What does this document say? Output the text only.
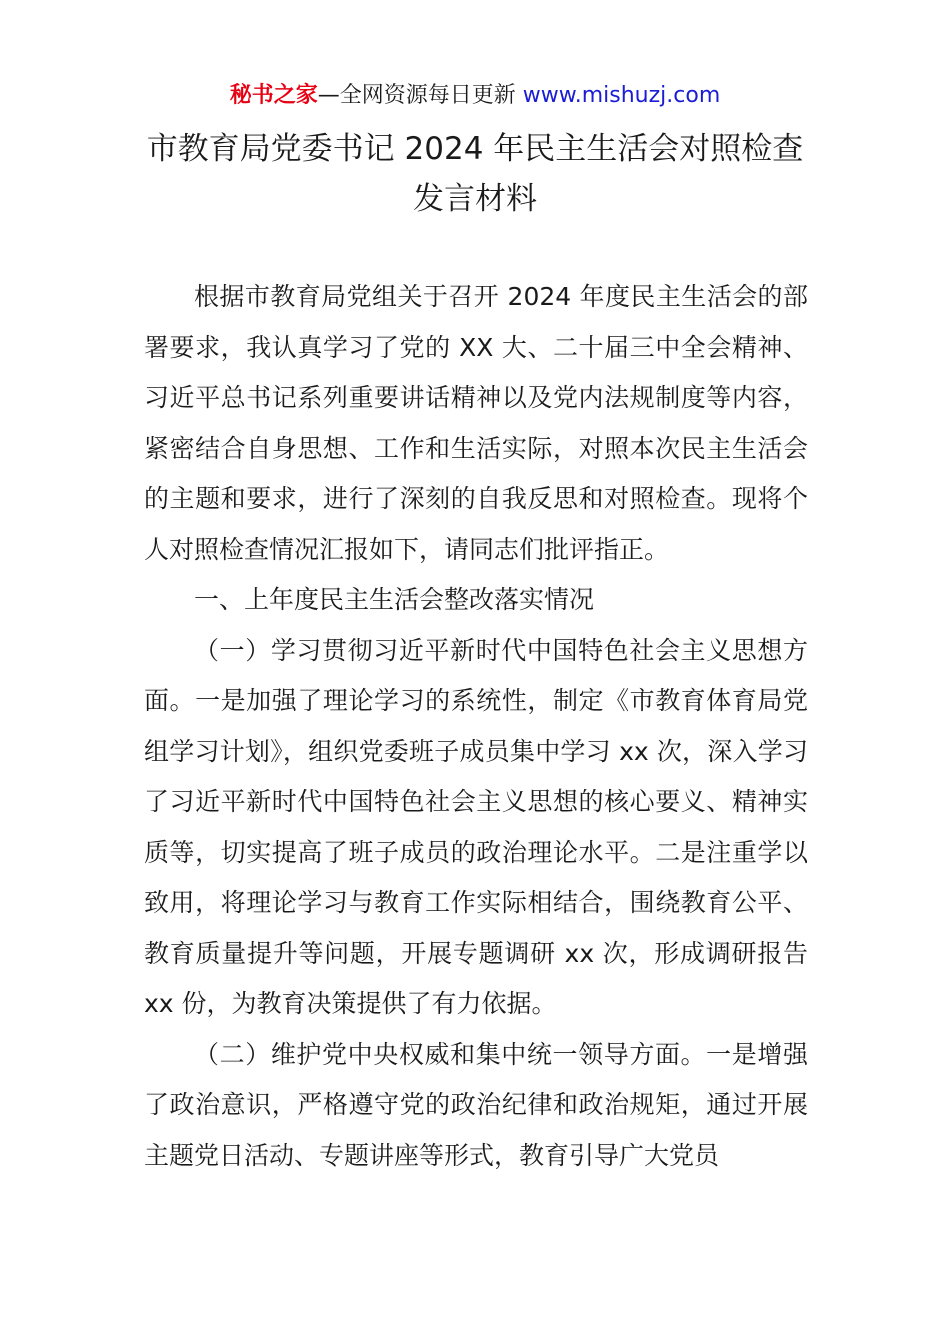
秘书之家—全网资源每日更新 www.mishuzj.com
市教育局党委书记 2024 年民主生活会对照检查
发言材料

根据市教育局党组关于召开 2024 年度民主生活会的部署要求，我认真学习了党的 XX 大、二十届三中全会精神、习近平总书记系列重要讲话精神以及党内法规制度等内容，紧密结合自身思想、工作和生活实际，对照本次民主生活会的主题和要求，进行了深刻的自我反思和对照检查。现将个人对照检查情况汇报如下，请同志们批评指正。

一、上年度民主生活会整改落实情况

（一）学习贯彻习近平新时代中国特色社会主义思想方面。一是加强了理论学习的系统性，制定《市教育体育局党组学习计划》，组织党委班子成员集中学习 xx 次，深入学习了习近平新时代中国特色社会主义思想的核心要义、精神实质等，切实提高了班子成员的政治理论水平。二是注重学以致用，将理论学习与教育工作实际相结合，围绕教育公平、教育质量提升等问题，开展专题调研 xx 次，形成调研报告 xx 份，为教育决策提供了有力依据。

（二）维护党中央权威和集中统一领导方面。一是增强了政治意识，严格遵守党的政治纪律和政治规矩，通过开展主题党日活动、专题讲座等形式，教育引导广大党员
